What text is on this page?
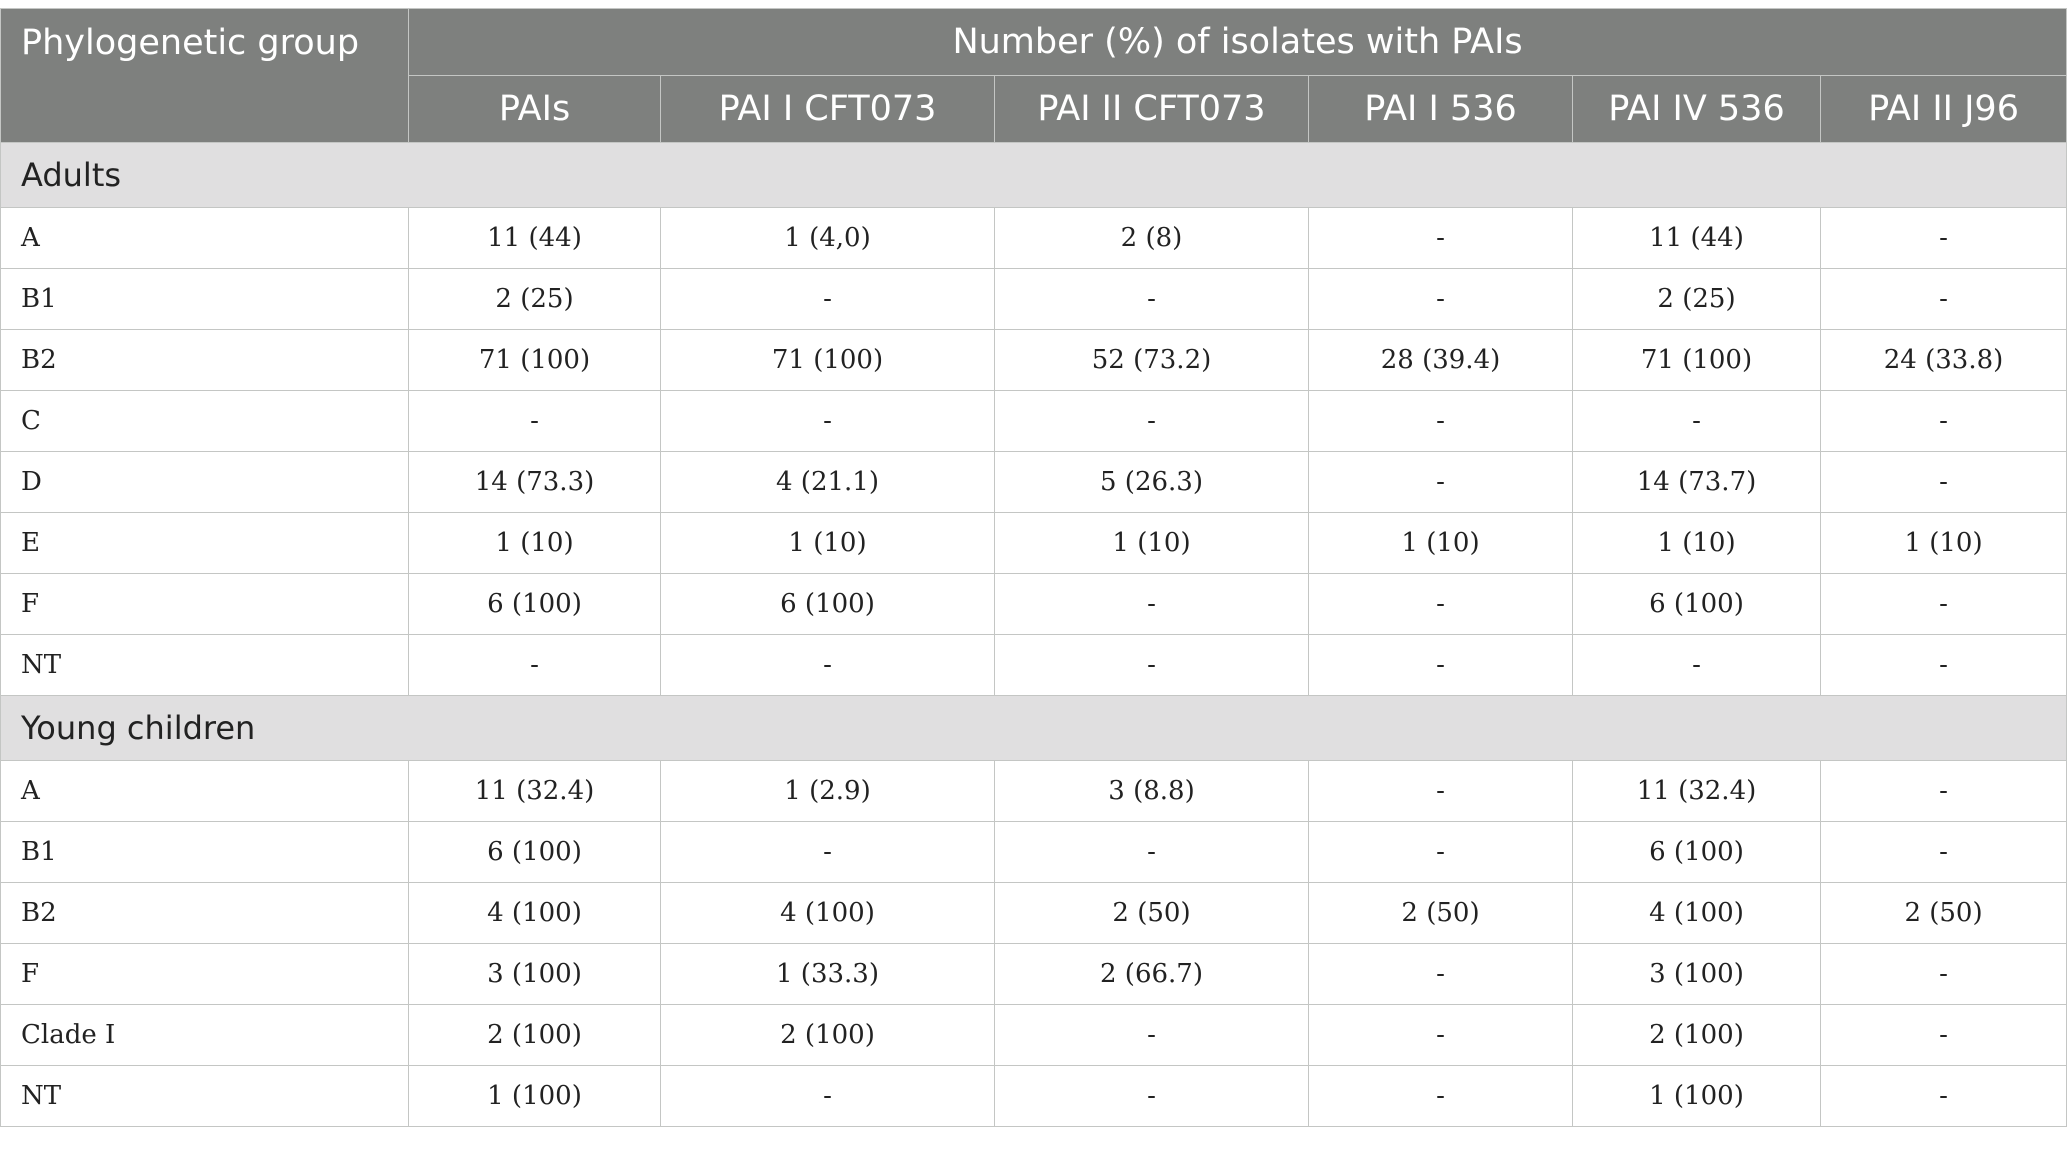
Phylogenetic group	Number (%) of isolates with PAIs					
	PAIs	PAI I CFT073	PAI II CFT073	PAI I 536	PAI IV 536	PAI II J96
Adults						
A	11 (44)	1 (4,0)	2 (8)	-	11 (44)	-
B1	2 (25)	-	-	-	2 (25)	-
B2	71 (100)	71 (100)	52 (73.2)	28 (39.4)	71 (100)	24 (33.8)
C	-	-	-	-	-	-
D	14 (73.3)	4 (21.1)	5 (26.3)	-	14 (73.7)	-
E	1 (10)	1 (10)	1 (10)	1 (10)	1 (10)	1 (10)
F	6 (100)	6 (100)	-	-	6 (100)	-
NT	-	-	-	-	-	-
Young children						
A	11 (32.4)	1 (2.9)	3 (8.8)	-	11 (32.4)	-
B1	6 (100)	-	-	-	6 (100)	-
B2	4 (100)	4 (100)	2 (50)	2 (50)	4 (100)	2 (50)
F	3 (100)	1 (33.3)	2 (66.7)	-	3 (100)	-
Clade I	2 (100)	2 (100)	-	-	2 (100)	-
NT	1 (100)	-	-	-	1 (100)	-
